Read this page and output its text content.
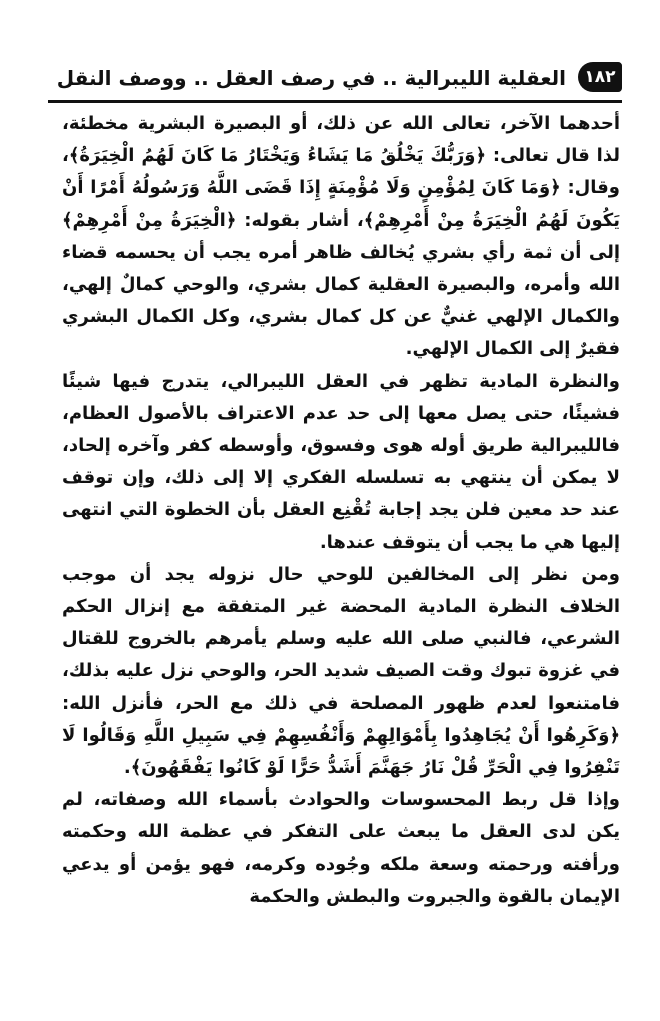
١٨٢
العقلية الليبرالية .. في رصف العقل .. ووصف النقل

أحدهما الآخر، تعالى الله عن ذلك، أو البصيرة البشرية مخطئة، لذا قال تعالى: ﴿وَرَبُّكَ يَخْلُقُ مَا يَشَاءُ وَيَخْتَارُ مَا كَانَ لَهُمُ الْخِيَرَةُ﴾، وقال: ﴿وَمَا كَانَ لِمُؤْمِنٍ وَلَا مُؤْمِنَةٍ إِذَا قَضَى اللَّهُ وَرَسُولُهُ أَمْرًا أَنْ يَكُونَ لَهُمُ الْخِيَرَةُ مِنْ أَمْرِهِمْ﴾، أشار بقوله: ﴿الْخِيَرَةُ مِنْ أَمْرِهِمْ﴾ إلى أن ثمة رأي بشري يُخالف ظاهر أمره يجب أن يحسمه قضاء الله وأمره، والبصيرة العقلية كمال بشري، والوحي كمالٌ إلهي، والكمال الإلهي غنيٌّ عن كل كمال بشري، وكل الكمال البشري فقيرٌ إلى الكمال الإلهي.

والنظرة المادية تظهر في العقل الليبرالي، يتدرج فيها شيئًا فشيئًا، حتى يصل معها إلى حد عدم الاعتراف بالأصول العظام، فالليبرالية طريق أوله هوى وفسوق، وأوسطه كفر وآخره إلحاد، لا يمكن أن ينتهي به تسلسله الفكري إلا إلى ذلك، وإن توقف عند حد معين فلن يجد إجابة تُقْنِع العقل بأن الخطوة التي انتهى إليها هي ما يجب أن يتوقف عندها.

ومن نظر إلى المخالفين للوحي حال نزوله يجد أن موجب الخلاف النظرة المادية المحضة غير المتفقة مع إنزال الحكم الشرعي، فالنبي صلى الله عليه وسلم يأمرهم بالخروج للقتال في غزوة تبوك وقت الصيف شديد الحر، والوحي نزل عليه بذلك، فامتنعوا لعدم ظهور المصلحة في ذلك مع الحر، فأنزل الله: ﴿وَكَرِهُوا أَنْ يُجَاهِدُوا بِأَمْوَالِهِمْ وَأَنْفُسِهِمْ فِي سَبِيلِ اللَّهِ وَقَالُوا لَا تَنْفِرُوا فِي الْحَرِّ قُلْ نَارُ جَهَنَّمَ أَشَدُّ حَرًّا لَوْ كَانُوا يَفْقَهُونَ﴾.

وإذا قل ربط المحسوسات والحوادث بأسماء الله وصفاته، لم يكن لدى العقل ما يبعث على التفكر في عظمة الله وحكمته ورأفته ورحمته وسعة ملكه وجُوده وكرمه، فهو يؤمن أو يدعي الإيمان بالقوة والجبروت والبطش والحكمة
